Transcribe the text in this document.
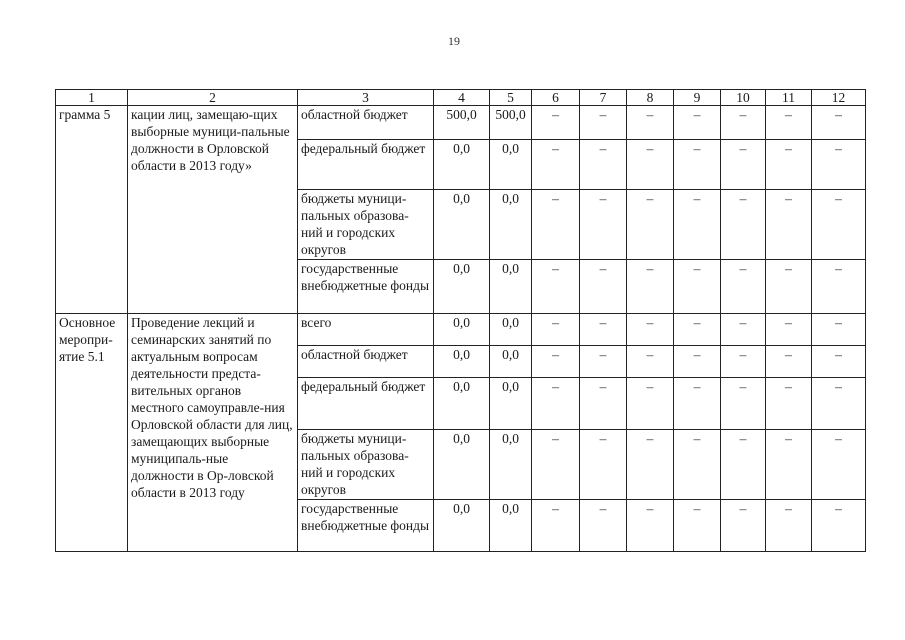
19
1	2	3	4	5	6	7	8	9	10	11	12
грамма 5	кации лиц, замещаю-щих выборные муници-пальные должности в Орловской области в 2013 году»	областной бюджет	500,0	500,0	–	–	–	–	–	–	–
		федеральный бюджет	0,0	0,0	–	–	–	–	–	–	–
		бюджеты муници-пальных образова-ний и городских округов	0,0	0,0	–	–	–	–	–	–	–
		государственные внебюджетные фонды	0,0	0,0	–	–	–	–	–	–	–
Основное меропри-ятие 5.1	Проведение лекций и семинарских занятий по актуальным вопросам деятельности предста-вительных органов местного самоуправле-ния Орловской области для лиц, замещающих выборные муниципаль-ные должности в Ор-ловской области в 2013 году	всего	0,0	0,0	–	–	–	–	–	–	–
		областной бюджет	0,0	0,0	–	–	–	–	–	–	–
		федеральный бюджет	0,0	0,0	–	–	–	–	–	–	–
		бюджеты муници-пальных образова-ний и городских округов	0,0	0,0	–	–	–	–	–	–	–
		государственные внебюджетные фонды	0,0	0,0	–	–	–	–	–	–	–
